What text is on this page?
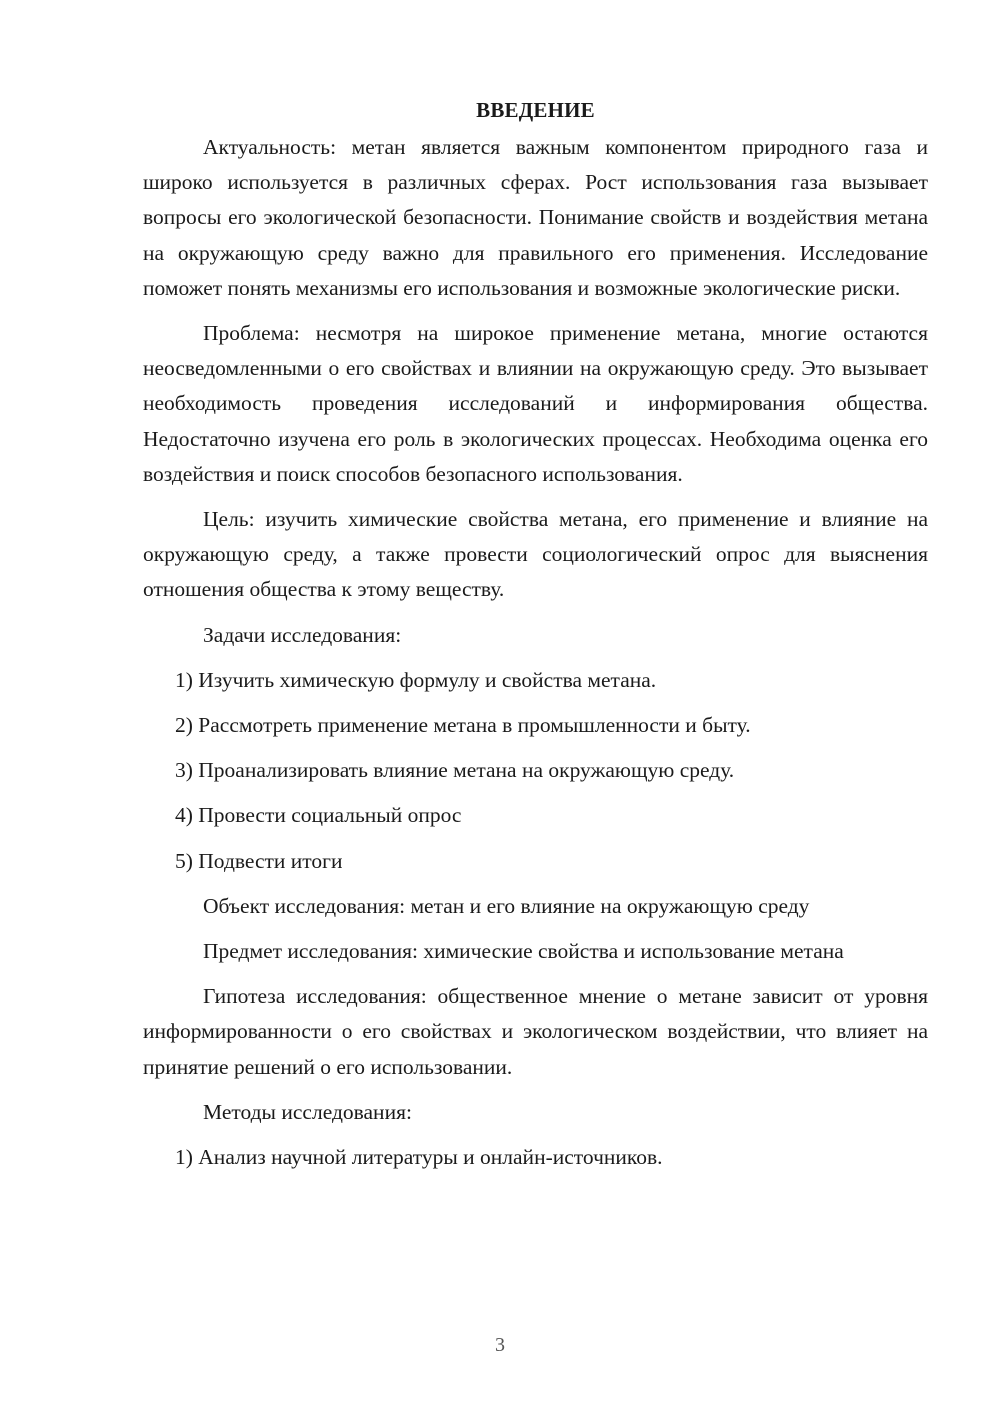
ВВЕДЕНИЕ

Актуальность: метан является важным компонентом природного газа и широко используется в различных сферах. Рост использования газа вызывает вопросы его экологической безопасности. Понимание свойств и воздействия метана на окружающую среду важно для правильного его применения. Исследование поможет понять механизмы его использования и возможные экологические риски.

Проблема: несмотря на широкое применение метана, многие остаются неосведомленными о его свойствах и влиянии на окружающую среду. Это вызывает необходимость проведения исследований и информирования общества. Недостаточно изучена его роль в экологических процессах. Необходима оценка его воздействия и поиск способов безопасного использования.

Цель: изучить химические свойства метана, его применение и влияние на окружающую среду, а также провести социологический опрос для выяснения отношения общества к этому веществу.

Задачи исследования:

1) Изучить химическую формулу и свойства метана.

2) Рассмотреть применение метана в промышленности и быту.

3) Проанализировать влияние метана на окружающую среду.

4) Провести социальный опрос

5) Подвести итоги

Объект исследования: метан и его влияние на окружающую среду

Предмет исследования: химические свойства и использование метана

Гипотеза исследования: общественное мнение о метане зависит от уровня информированности о его свойствах и экологическом воздействии, что влияет на принятие решений о его использовании.

Методы исследования:

1) Анализ научной литературы и онлайн-источников.

3
